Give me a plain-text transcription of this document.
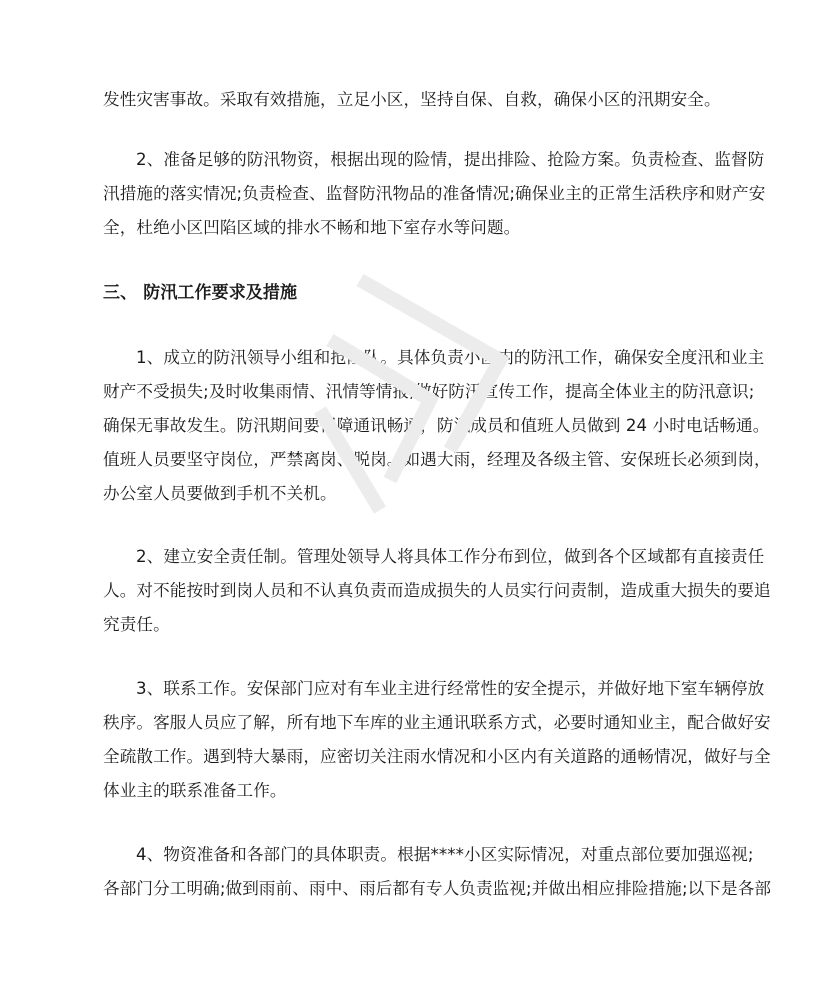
发性灾害事故。采取有效措施，立足小区，坚持自保、自救，确保小区的汛期安全。
2、准备足够的防汛物资，根据出现的险情，提出排险、抢险方案。负责检查、监督防
汛措施的落实情况;负责检查、监督防汛物品的准备情况;确保业主的正常生活秩序和财产安
全，杜绝小区凹陷区域的排水不畅和地下室存水等问题。
1、成立的防汛领导小组和抢险队。具体负责小区内的防汛工作，确保安全度汛和业主
财产不受损失;及时收集雨情、汛情等情报;做好防汛宣传工作，提高全体业主的防汛意识;
确保无事故发生。防汛期间要保障通讯畅通，防汛成员和值班人员做到 24 小时电话畅通。
值班人员要坚守岗位，严禁离岗、脱岗。如遇大雨，经理及各级主管、安保班长必须到岗，
办公室人员要做到手机不关机。
2、建立安全责任制。管理处领导人将具体工作分布到位，做到各个区域都有直接责任
人。对不能按时到岗人员和不认真负责而造成损失的人员实行问责制，造成重大损失的要追
究责任。
3、联系工作。安保部门应对有车业主进行经常性的安全提示，并做好地下室车辆停放
秩序。客服人员应了解，所有地下车库的业主通讯联系方式，必要时通知业主，配合做好安
全疏散工作。遇到特大暴雨，应密切关注雨水情况和小区内有关道路的通畅情况，做好与全
体业主的联系准备工作。
4、物资准备和各部门的具体职责。根据****小区实际情况，对重点部位要加强巡视;
各部门分工明确;做到雨前、雨中、雨后都有专人负责监视;并做出相应排险措施;以下是各部
三、 防汛工作要求及措施
